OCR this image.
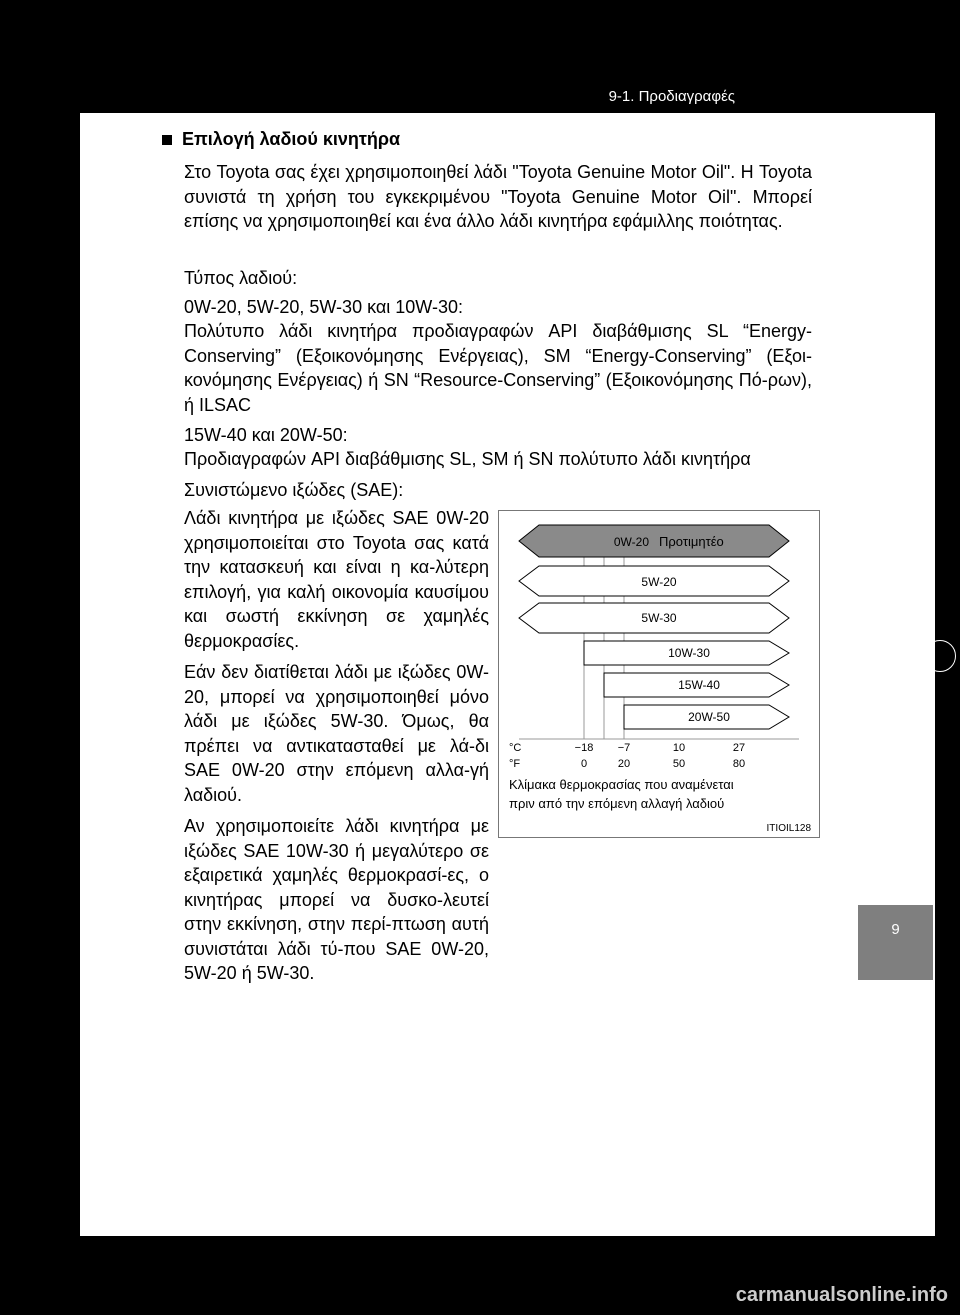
9-1. Προδιαγραφές
Επιλογή λαδιού κινητήρα
Στο Toyota σας έχει χρησιμοποιηθεί λάδι "Toyota Genuine Motor Oil". Η Toyota συνιστά τη χρήση του εγκεκριμένου "Toyota Genuine Motor Oil". Μπορεί επίσης να χρησιμοποιηθεί και ένα άλλο λάδι κινητήρα εφάμιλλης ποιότητας.
Τύπος λαδιού:
0W-20, 5W-20, 5W-30 και 10W-30:
Πολύτυπο λάδι κινητήρα προδιαγραφών API διαβάθμισης SL “Energy-Conserving” (Εξοικονόμησης Ενέργειας), SM “Energy-Conserving” (Εξοι-κονόμησης Ενέργειας) ή SN “Resource-Conserving” (Εξοικονόμησης Πό-ρων), ή ILSAC
15W-40 και 20W-50:
Προδιαγραφών API διαβάθμισης SL, SM ή SN πολύτυπο λάδι κινητήρα
Συνιστώμενο ιξώδες (SAE):
Λάδι κινητήρα με ιξώδες SAE 0W-20 χρησιμοποιείται στο Toyota σας κατά την κατασκευή και είναι η κα-λύτερη επιλογή, για καλή οικονομία καυσίμου και σωστή εκκίνηση σε χαμηλές θερμοκρασίες.
Εάν δεν διατίθεται λάδι με ιξώδες 0W-20, μπορεί να χρησιμοποιηθεί μόνο λάδι με ιξώδες 5W-30. Όμως, θα πρέπει να αντικατασταθεί με λά-δι SAE 0W-20 στην επόμενη αλλα-γή λαδιού.
Αν χρησιμοποιείτε λάδι κινητήρα με ιξώδες SAE 10W-30 ή μεγαλύτερο σε εξαιρετικά χαμηλές θερμοκρασί-ες, ο κινητήρας μπορεί να δυσκο-λευτεί στην εκκίνηση, στην περί-πτωση αυτή συνιστάται λάδι τύ-που SAE 0W-20, 5W-20 ή 5W-30.
0W-20 Προτιμητέο
5W-20
5W-30
10W-30
15W-40
20W-50
°C	−18 −7	10	27
°F	0	20	50	80
Κλίμακα θερμοκρασίας που αναμένεται
πριν από την επόμενη αλλαγή λαδιού
ITIOIL128
9
Προδιαγραφές αυτοκινήτου
carmanualsonline.info
